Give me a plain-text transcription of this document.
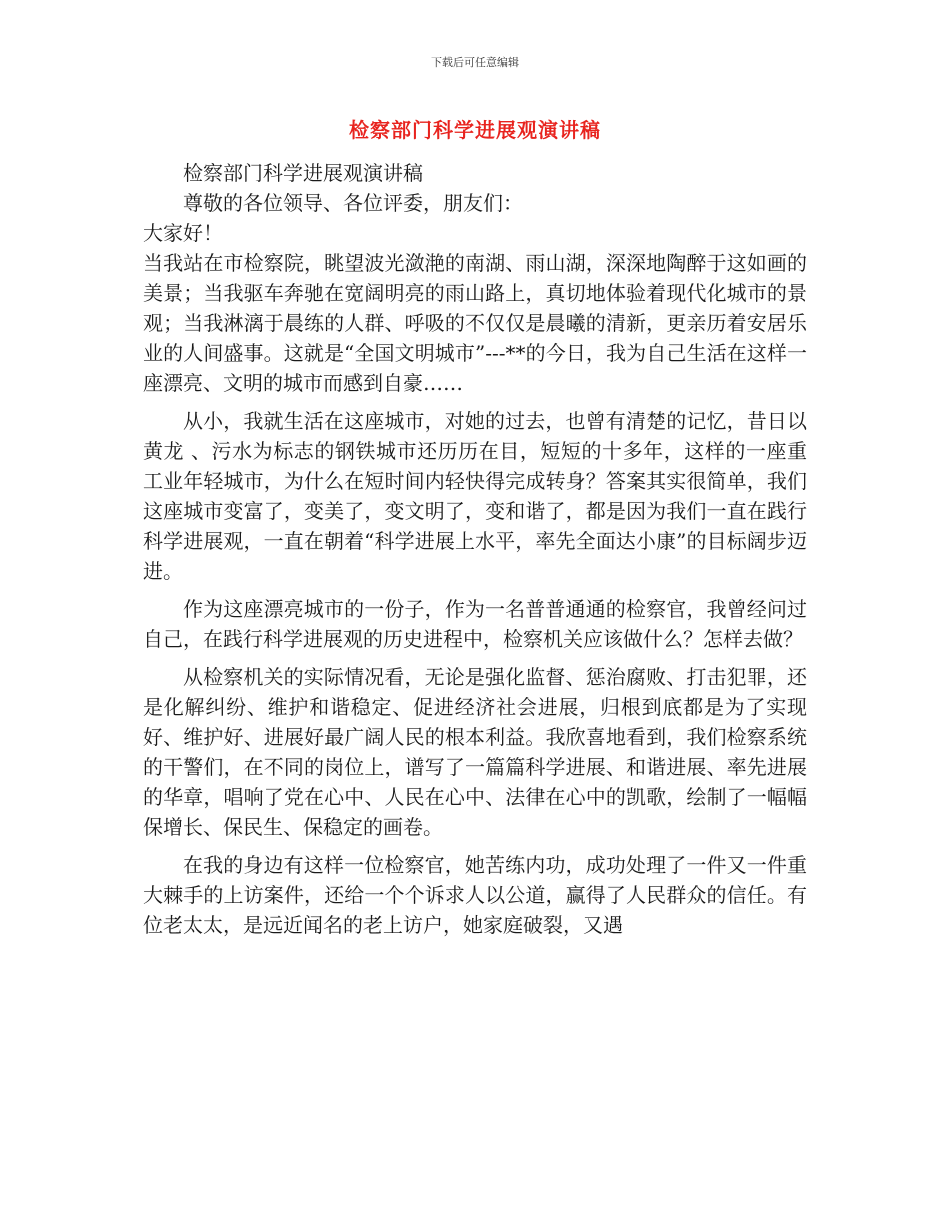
下载后可任意编辑
检察部门科学进展观演讲稿

检察部门科学进展观演讲稿

尊敬的各位领导、各位评委，朋友们：

大家好！

当我站在市检察院，眺望波光潋滟的南湖、雨山湖，深深地陶醉于这如画的美景；当我驱车奔驰在宽阔明亮的雨山路上，真切地体验着现代化城市的景观；当我淋漓于晨练的人群、呼吸的不仅仅是晨曦的清新，更亲历着安居乐业的人间盛事。这就是“全国文明城市”---**的今日，我为自己生活在这样一座漂亮、文明的城市而感到自豪……

从小，我就生活在这座城市，对她的过去，也曾有清楚的记忆，昔日以黄龙 、污水为标志的钢铁城市还历历在目，短短的十多年，这样的一座重工业年轻城市，为什么在短时间内轻快得完成转身？答案其实很简单，我们这座城市变富了，变美了，变文明了，变和谐了，都是因为我们一直在践行科学进展观，一直在朝着“科学进展上水平，率先全面达小康”的目标阔步迈进。

作为这座漂亮城市的一份子，作为一名普普通通的检察官，我曾经问过自己，在践行科学进展观的历史进程中，检察机关应该做什么？怎样去做？

从检察机关的实际情况看，无论是强化监督、惩治腐败、打击犯罪，还是化解纠纷、维护和谐稳定、促进经济社会进展，归根到底都是为了实现好、维护好、进展好最广阔人民的根本利益。我欣喜地看到，我们检察系统的干警们，在不同的岗位上，谱写了一篇篇科学进展、和谐进展、率先进展的华章，唱响了党在心中、人民在心中、法律在心中的凯歌，绘制了一幅幅保增长、保民生、保稳定的画卷。

在我的身边有这样一位检察官，她苦练内功，成功处理了一件又一件重大棘手的上访案件，还给一个个诉求人以公道，赢得了人民群众的信任。有位老太太，是远近闻名的老上访户，她家庭破裂，又遇
